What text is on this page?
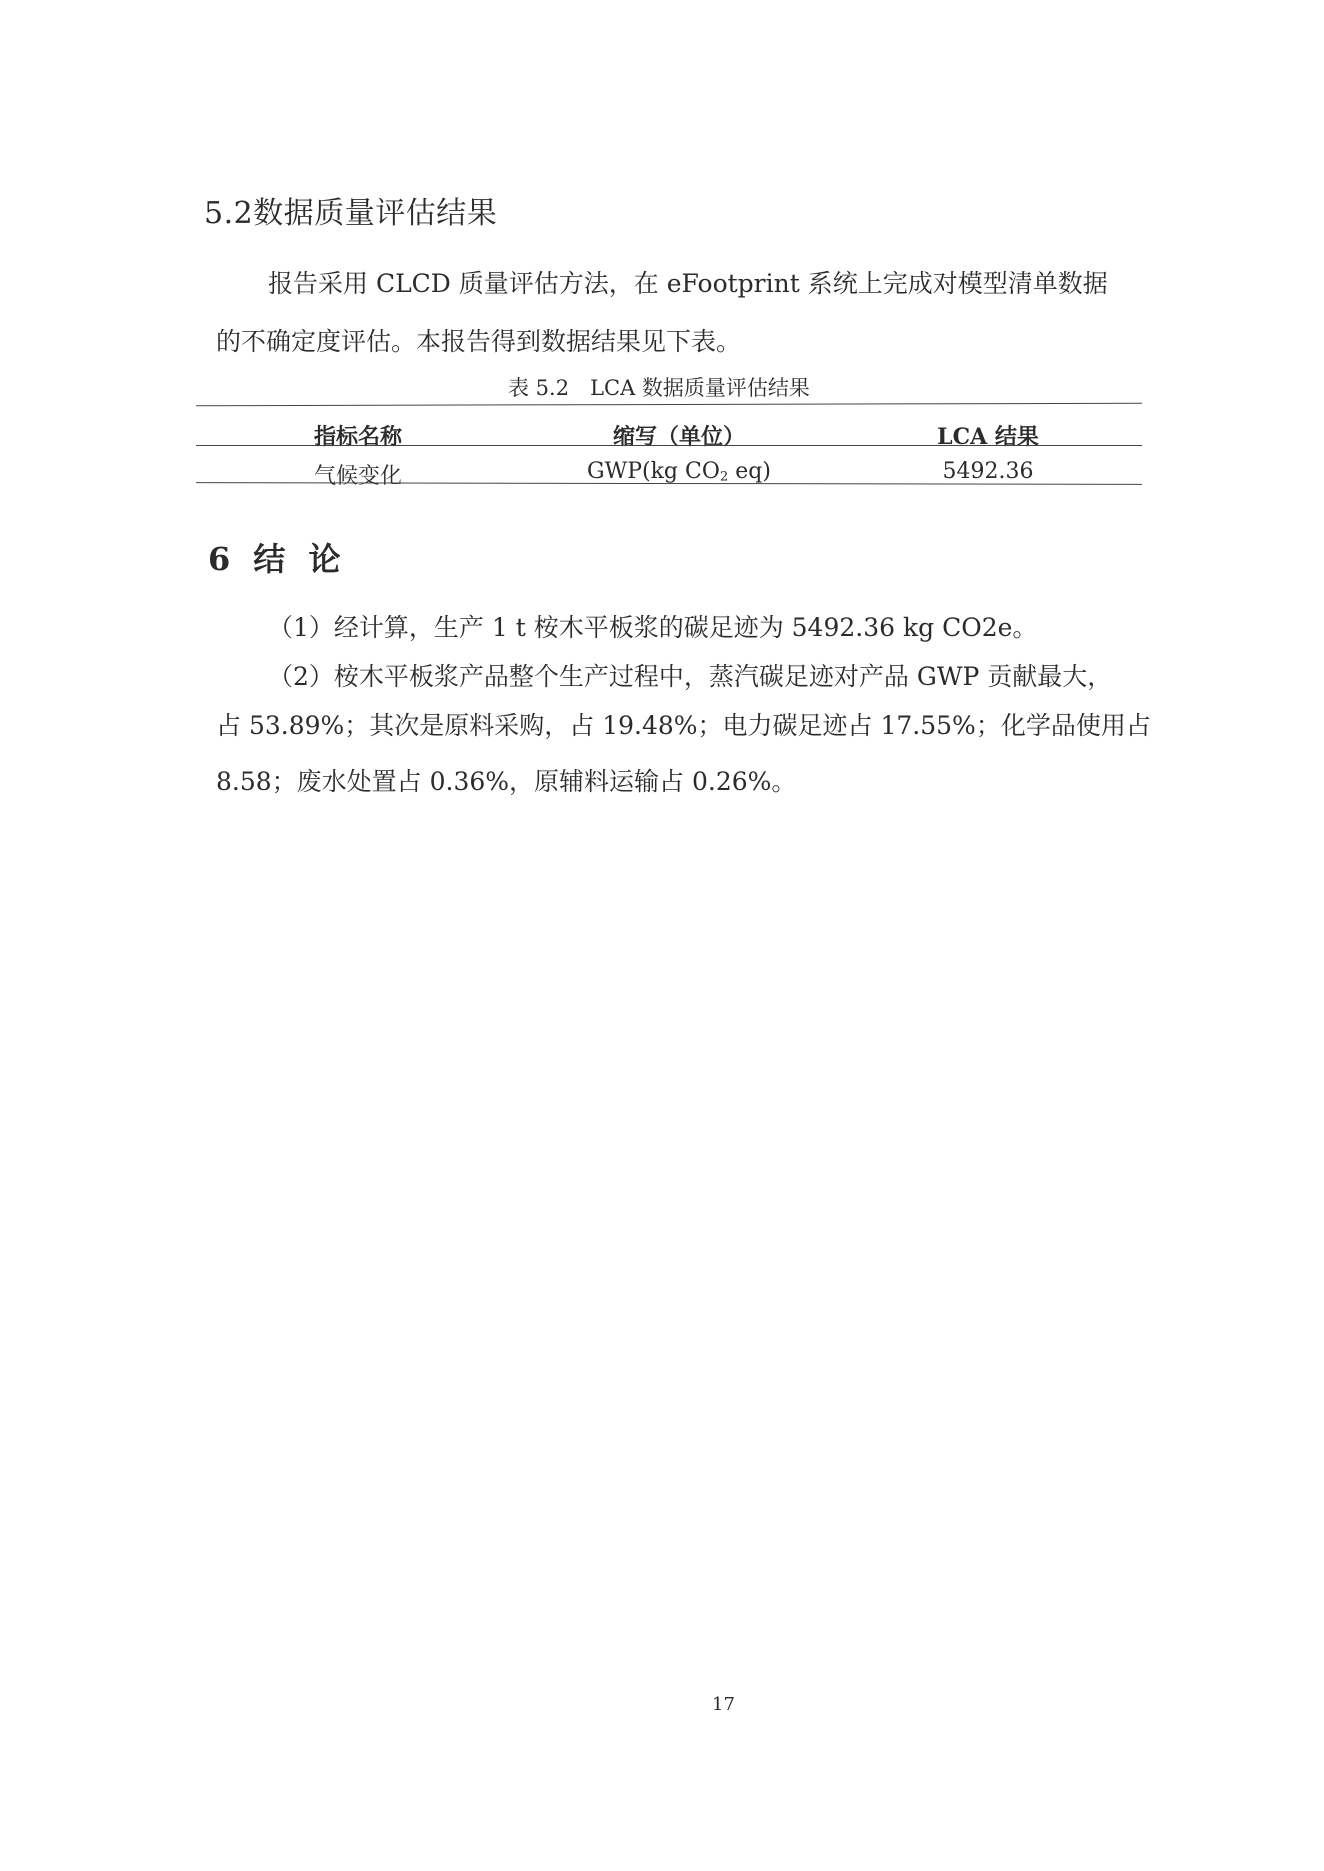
5.2数据质量评估结果
报告采用 CLCD 质量评估方法，在 eFootprint 系统上完成对模型清单数据
的不确定度评估。本报告得到数据结果见下表。
表 5.2　LCA 数据质量评估结果
指标名称	缩写（单位）	LCA 结果
气候变化	GWP(kg $CO_2$ eq)	5492.36
6 结 论
（1）经计算，生产 1 t 桉木平板浆的碳足迹为 5492.36 kg CO2e。
（2）桉木平板浆产品整个生产过程中，蒸汽碳足迹对产品 GWP 贡献最大，
占 53.89%；其次是原料采购，占 19.48%；电力碳足迹占 17.55%；化学品使用占
8.58；废水处置占 0.36%，原辅料运输占 0.26%。
17
